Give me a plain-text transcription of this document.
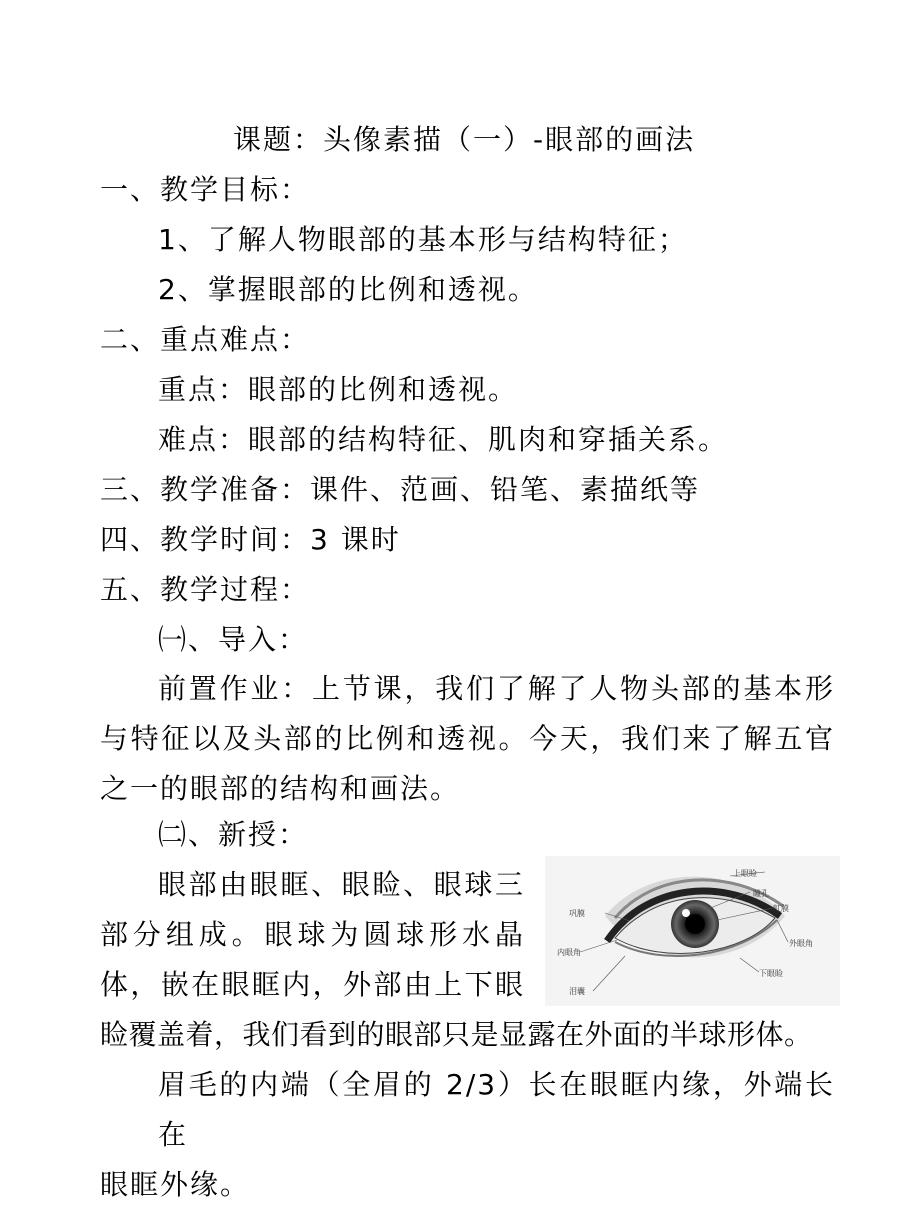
课题：头像素描（一）-眼部的画法
一、教学目标：
1、了解人物眼部的基本形与结构特征；
2、掌握眼部的比例和透视。
二、重点难点：
重点：眼部的比例和透视。
难点：眼部的结构特征、肌肉和穿插关系。
三、教学准备：课件、范画、铅笔、素描纸等
四、教学时间：3 课时
五、教学过程：
㈠、导入：
前置作业：上节课，我们了解了人物头部的基本形
与特征以及头部的比例和透视。今天，我们来了解五官
之一的眼部的结构和画法。
㈡、新授：
眼部由眼眶、眼睑、眼球三
部分组成。眼球为圆球形水晶
体，嵌在眼眶内，外部由上下眼
睑覆盖着，我们看到的眼部只是显露在外面的半球形体。
眉毛的内端（全眉的 2/3）长在眼眶内缘，外端长在
眼眶外缘。
上眼睑
瞳孔
虹膜
巩膜
内眼角
外眼角
下眼睑
泪囊
